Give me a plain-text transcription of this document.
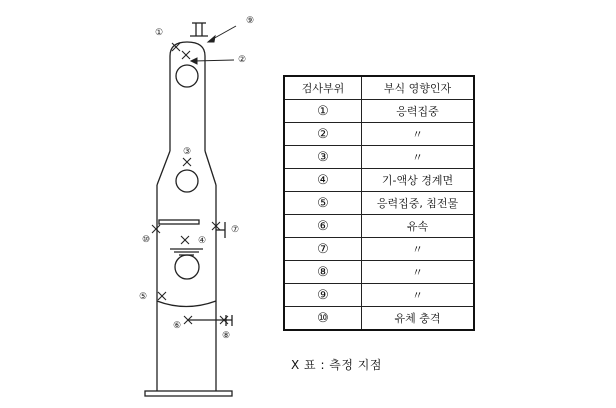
①
②
③
④
⑤
⑥
⑦
⑧
⑨
⑩
검사부위	부식 영향인자
①	응력집중
②	〃
③	〃
④	기-액상 경계면
⑤	응력집중, 침전물
⑥	유속
⑦	〃
⑧	〃
⑨	〃
⑩	유체 충격
X 표 : 측정 지점
